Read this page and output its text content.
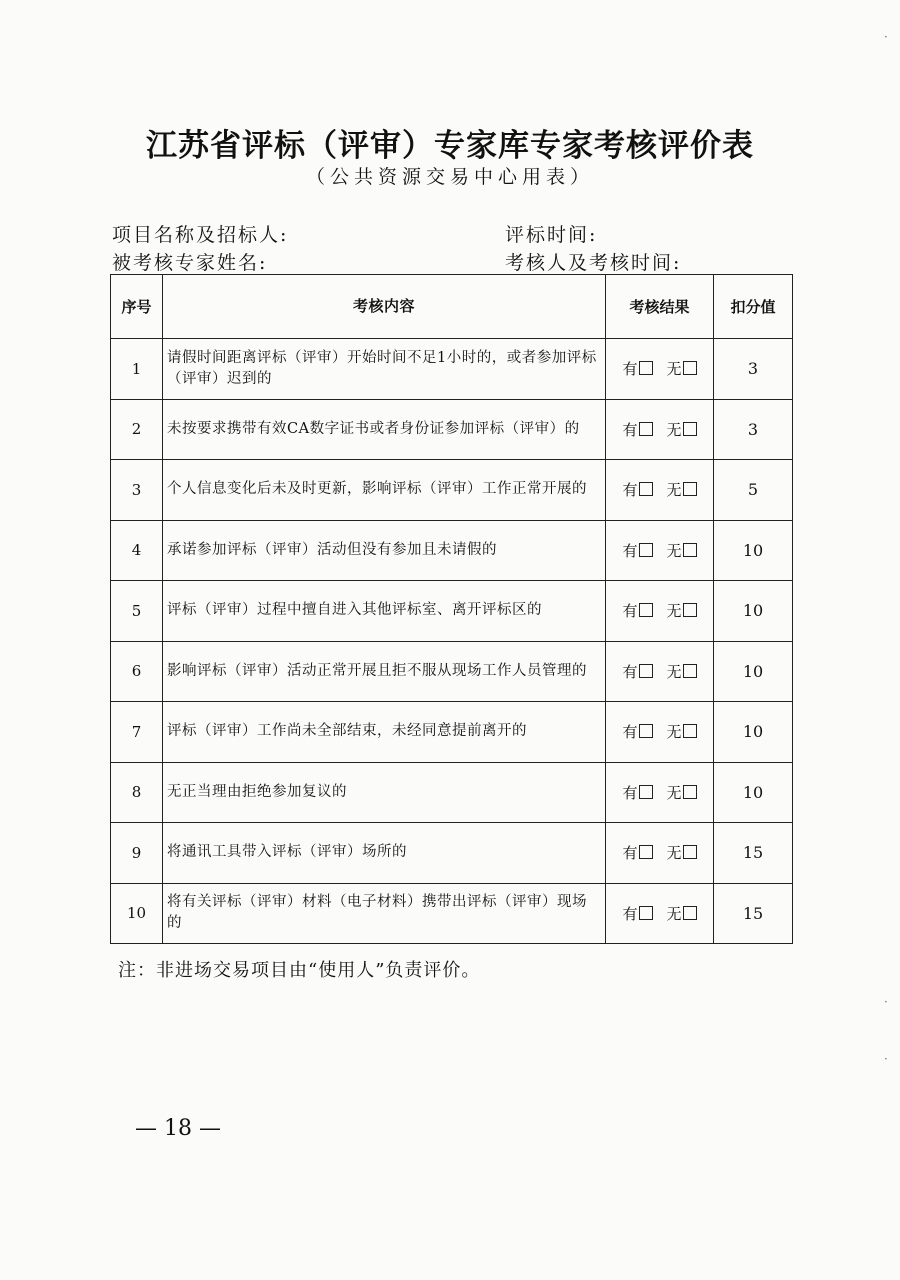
江苏省评标（评审）专家库专家考核评价表
（公共资源交易中心用表）
项目名称及招标人:	评标时间:
被考核专家姓名:	考核人及考核时间:
序号	考核内容	考核结果	扣分值
1	请假时间距离评标（评审）开始时间不足1小时的，或者参加评标（评审）迟到的	有 无	3
2	未按要求携带有效CA数字证书或者身份证参加评标（评审）的	有 无	3
3	个人信息变化后未及时更新，影响评标（评审）工作正常开展的	有 无	5
4	承诺参加评标（评审）活动但没有参加且未请假的	有 无	10
5	评标（评审）过程中擅自进入其他评标室、离开评标区的	有 无	10
6	影响评标（评审）活动正常开展且拒不服从现场工作人员管理的	有 无	10
7	评标（评审）工作尚未全部结束，未经同意提前离开的	有 无	10
8	无正当理由拒绝参加复议的	有 无	10
9	将通讯工具带入评标（评审）场所的	有 无	15
10	将有关评标（评审）材料（电子材料）携带出评标（评审）现场的	有 无	15
注：非进场交易项目由“使用人”负责评价。
— 18 —
·
·
·
